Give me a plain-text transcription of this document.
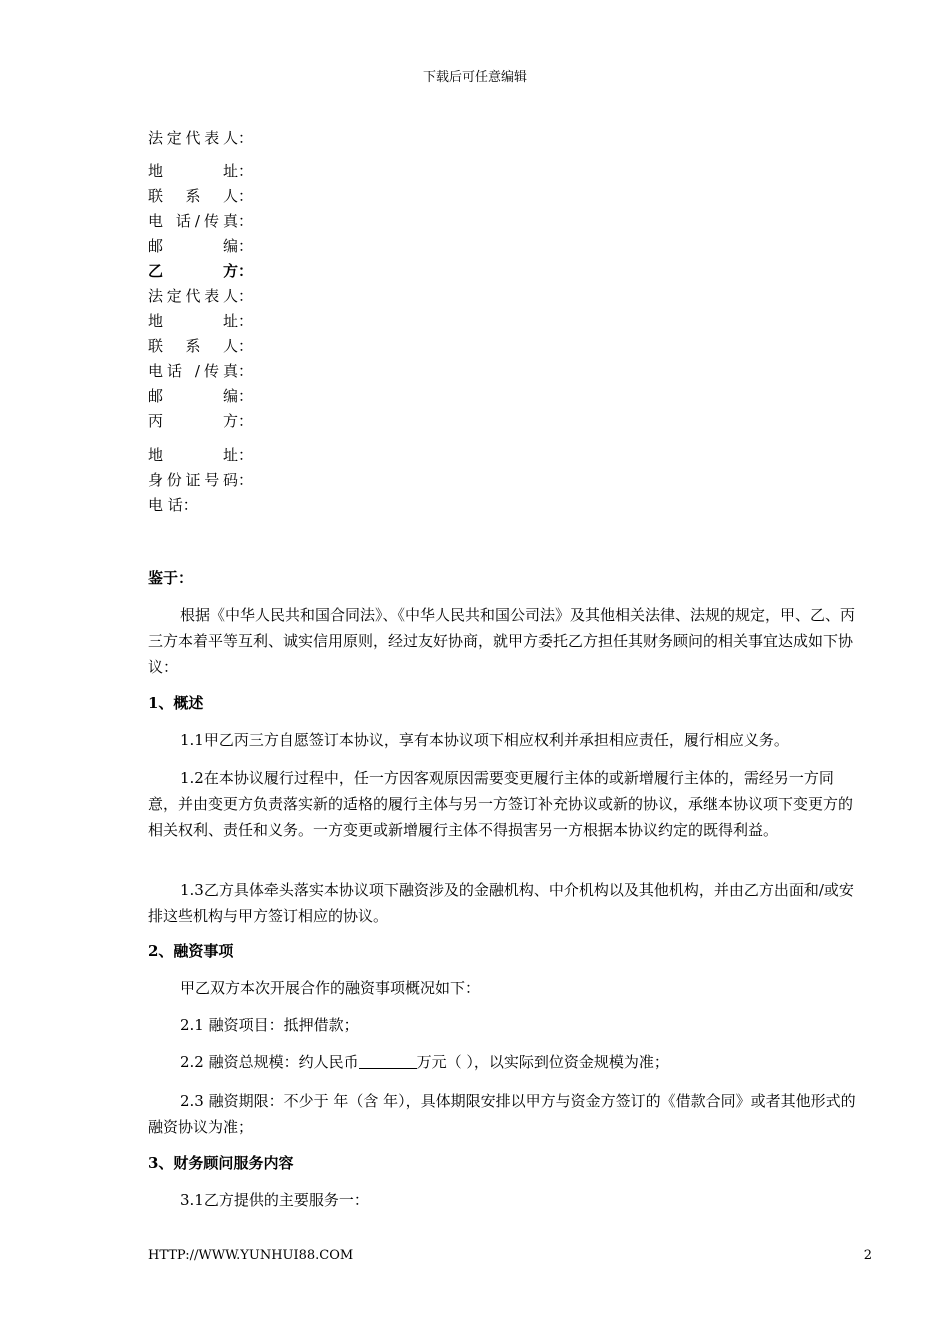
下载后可任意编辑
法定代表人：
地址：
联系人：
电 话/传真：
邮编：
乙方：
法定代表人：
地址：
联系人：
电话 /传真：
邮编：
丙方：
地址：
身份证号码：
电 话：

鉴于：

根据《中华人民共和国合同法》、《中华人民共和国公司法》及其他相关法律、法规的规定，甲、乙、丙三方本着平等互利、诚实信用原则，经过友好协商，就甲方委托乙方担任其财务顾问的相关事宜达成如下协议：

1、概述

1.1甲乙丙三方自愿签订本协议，享有本协议项下相应权利并承担相应责任，履行相应义务。

1.2在本协议履行过程中，任一方因客观原因需要变更履行主体的或新增履行主体的，需经另一方同意，并由变更方负责落实新的适格的履行主体与另一方签订补充协议或新的协议，承继本协议项下变更方的相关权利、责任和义务。一方变更或新增履行主体不得损害另一方根据本协议约定的既得利益。

1.3乙方具体牵头落实本协议项下融资涉及的金融机构、中介机构以及其他机构，并由乙方出面和/或安排这些机构与甲方签订相应的协议。

2、融资事项

甲乙双方本次开展合作的融资事项概况如下：

2.1 融资项目：抵押借款；

2.2 融资总规模：约人民币	万元（ ），以实际到位资金规模为准；

2.3 融资期限：不少于 年（含 年），具体期限安排以甲方与资金方签订的《借款合同》或者其他形式的融资协议为准；

3、财务顾问服务内容

3.1乙方提供的主要服务一：

HTTP://WWW.YUNHUI88.COM	2
